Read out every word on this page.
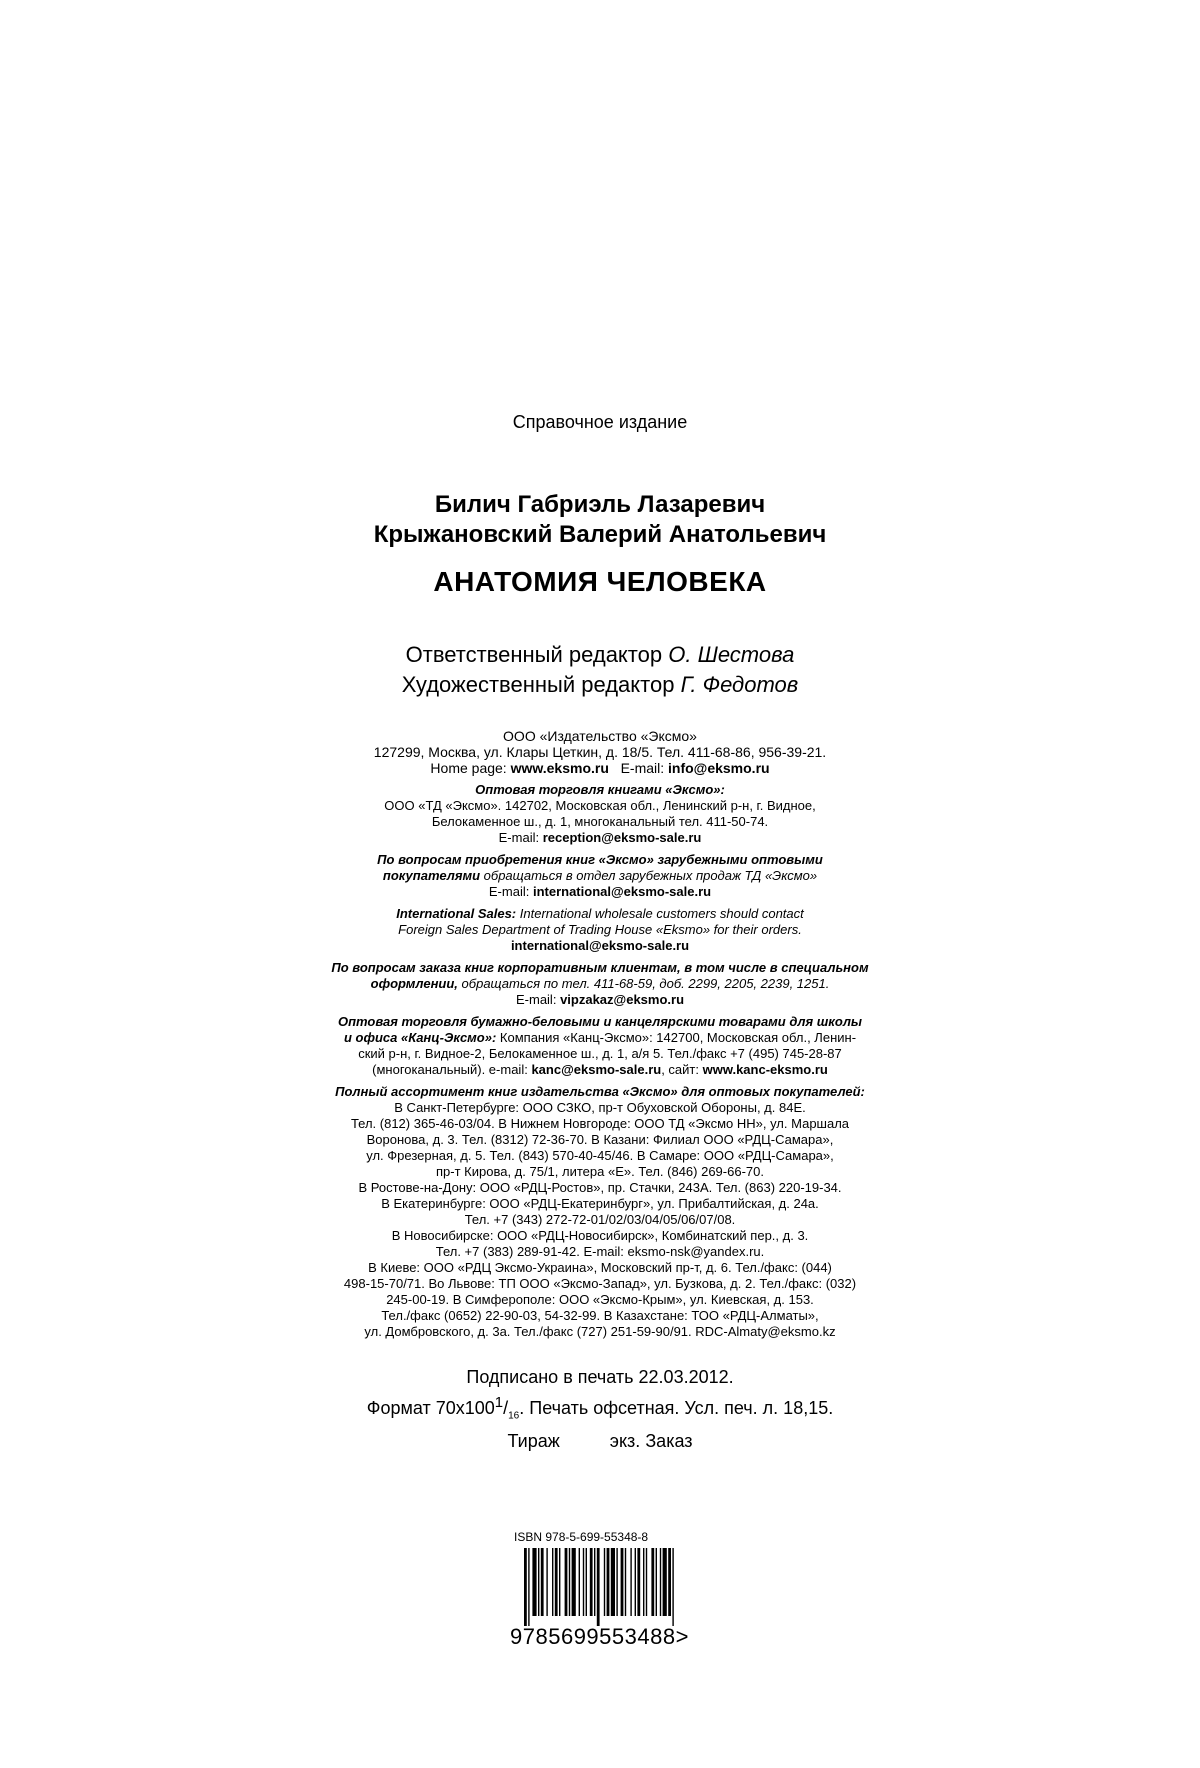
Справочное издание
Билич Габриэль Лазаревич
Крыжановский Валерий Анатольевич
АНАТОМИЯ ЧЕЛОВЕКА
Ответственный редактор О. Шестова
Художественный редактор Г. Федотов
ООО «Издательство «Эксмо»
127299, Москва, ул. Клары Цеткин, д. 18/5. Тел. 411-68-86, 956-39-21.
Home page: www.eksmo.ru E-mail: info@eksmo.ru
Оптовая торговля книгами «Эксмо»:
ООО «ТД «Эксмо». 142702, Московская обл., Ленинский р-н, г. Видное,
Белокаменное ш., д. 1, многоканальный тел. 411-50-74.
E-mail: reception@eksmo-sale.ru
По вопросам приобретения книг «Эксмо» зарубежными оптовыми
покупателями обращаться в отдел зарубежных продаж ТД «Эксмо»
E-mail: international@eksmo-sale.ru
International Sales: International wholesale customers should contact
Foreign Sales Department of Trading House «Eksmo» for their orders.
international@eksmo-sale.ru
По вопросам заказа книг корпоративным клиентам, в том числе в специальном
оформлении, обращаться по тел. 411-68-59, доб. 2299, 2205, 2239, 1251.
E-mail: vipzakaz@eksmo.ru
Оптовая торговля бумажно-беловыми и канцелярскими товарами для школы
и офиса «Канц-Эксмо»: Компания «Канц-Эксмо»: 142700, Московская обл., Ленин-
ский р-н, г. Видное-2, Белокаменное ш., д. 1, а/я 5. Тел./факс +7 (495) 745-28-87
(многоканальный). e-mail: kanc@eksmo-sale.ru, сайт: www.kanc-eksmo.ru
Полный ассортимент книг издательства «Эксмо» для оптовых покупателей:
В Санкт-Петербурге: ООО СЗКО, пр-т Обуховской Обороны, д. 84Е.
Тел. (812) 365-46-03/04. В Нижнем Новгороде: ООО ТД «Эксмо НН», ул. Маршала
Воронова, д. 3. Тел. (8312) 72-36-70. В Казани: Филиал ООО «РДЦ-Самара»,
ул. Фрезерная, д. 5. Тел. (843) 570-40-45/46. В Самаре: ООО «РДЦ-Самара»,
пр-т Кирова, д. 75/1, литера «Е». Тел. (846) 269-66-70.
В Ростове-на-Дону: ООО «РДЦ-Ростов», пр. Стачки, 243А. Тел. (863) 220-19-34.
В Екатеринбурге: ООО «РДЦ-Екатеринбург», ул. Прибалтийская, д. 24а.
Тел. +7 (343) 272-72-01/02/03/04/05/06/07/08.
В Новосибирске: ООО «РДЦ-Новосибирск», Комбинатский пер., д. 3.
Тел. +7 (383) 289-91-42. E-mail: eksmo-nsk@yandex.ru.
В Киеве: ООО «РДЦ Эксмо-Украина», Московский пр-т, д. 6. Тел./факс: (044)
498-15-70/71. Во Львове: ТП ООО «Эксмо-Запад», ул. Бузкова, д. 2. Тел./факс: (032)
245-00-19. В Симферополе: ООО «Эксмо-Крым», ул. Киевская, д. 153.
Тел./факс (0652) 22-90-03, 54-32-99. В Казахстане: ТОО «РДЦ-Алматы»,
ул. Домбровского, д. 3а. Тел./факс (727) 251-59-90/91. RDC-Almaty@eksmo.kz
Подписано в печать 22.03.2012.
Формат $70x100^1/_{16}$. Печать офсетная. Усл. печ. л. 18,15.
Тираж	экз. Заказ
ISBN 978-5-699-55348-8
9785699553488>
